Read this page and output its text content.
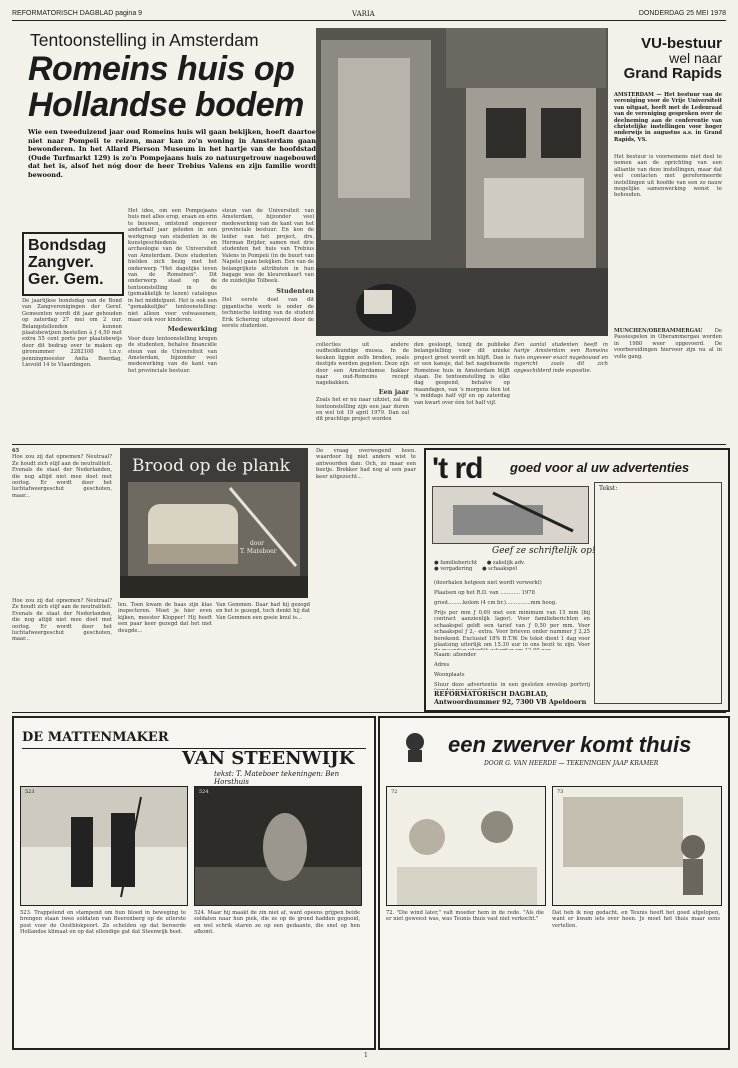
REFORMATORISCH DAGBLAD pagina 9	VARIA	DONDERDAG 25 MEI 1978
Tentoonstelling in Amsterdam
Romeins huis op
Hollandse bodem
Wie een tweeduizend jaar oud Romeins huis wil gaan bekijken, hoeft daartoe niet naar Pompeii te reizen, maar kan zo'n woning in Amsterdam gaan bewonderen. In het Allard Pierson Museum in het hartje van de hoofdstad (Oude Turfmarkt 129) is zo'n Pompejaans huis zo natuurgetrouw nagebouwd dat het is, alsof het nóg door de heer Trebius Valens en zijn familie wordt bewoond.
Het idee, om een Pompejaans huis met alles erop, eraan en erin te bouwen, ontstond ongeveer anderhalf jaar geleden in een werkgroep van studenten in de kunstgeschiedenis en archeologie van de Universiteit van Amsterdam. Deze studenten hielden zich bezig met het onderwerp "Het dagelijks leven van de Romeinen". Dit onderwerp staat op de tentoonstelling in de (gemakkelijk te lezen) catalogus in het middelpunt. Het is ook een "gemakkelijke" tentoonstelling: niet alleen voor volwassenen, maar ook voor kinderen.
Medewerking
Voor deze tentoonstelling kregen de studenten, behalve financiële steun van de Universiteit van Amsterdam, bijzonder veel medewerking van de kant van het provinciale bestuur.
steun van de Universiteit van Amsterdam, bijzonder veel medewerking van de kant van het provinciale bestuur. En kon de leider van het project, drs. Herman Brijder, samen met drie studenten het huis van Trebius Valens in Pompeii (in de buurt van Napels) gaan bekijken. Een van de belangrijkste attributen in hun bagage was de kleurenkaart van de zuidelijke Tolbeek.
Studenten
Het eerste doel van dit gigantische werk is onder de technische leiding van de student Erik Schering uitgevoerd door de eerste studenten.
collecties uit andere oudheidkundige musea. In de keuken liggen zelfs broden, zoals destijds werden gegeten. Deze zijn door een Amsterdamse bakker naar oud-Romeins recept nagebakken.
Een jaar
Zoals het er nu naar uitziet, zal de tentoonstelling zijn een jaar duren en wel tot 19 april 1979. Dan zal dit prachtige project worden
den gesloopt, tenzij de publieke belangstelling voor dit unieke project groot wordt en blijft. Dan is er een kansje, dat het nagebouwde Romeinse huis in Amsterdam blijft staan. De tentoonstelling is elke dag geopend, behalve op maandagen, van 's morgens tien tot 's middags half vijf en op zaterdag van kwart over één tot half vijf.
Een aantal studenten heeft in hartje Amsterdam een Romeins huis ongeveer exact nagebouwd en ingericht zoals dit zich opgeschilderd inde expositie.
Bondsdag
Zangver.
Ger. Gem.
De jaarlijkse bondsdag van de Bond van Zangverenigingen der Geref. Gemeenten wordt dit jaar gehouden op zaterdag 27 mei om 2 uur. Belangstellenden kunnen plaatsbewijzen bestellen à ƒ 4,50 met extra 55 cent porto per plaatsbewijs door dit bedrag over te maken op gironummer 2282100 t.n.v. penningmeester Anita Boerdag, Lievold 14 te Vlaardingen.
VU-bestuur
wel naar
Grand Rapids
AMSTERDAM — Het bestuur van de vereniging voor de Vrije Universiteit van uitgaat, heeft met de Ledenraad van de vereniging gesproken over de deelneming aan de conferentie van christelijke instellingen voor hoger onderwijs in augustus a.s. in Grand Rapids, VS.
Het bestuur is voornemens niet deel te nemen aan de oprichting van een alliantie van deze instellingen, maar dat wel contacten met gereformeerde instellingen uit hoofde van een zo nauw mogelijke samenwerking wenst te behouden.
MUNCHEN/OBERAMMERGAU De Passiespelen in Oberammergau worden in 1980 weer opgevoerd. De voorbereidingen hiervoor zijn nu al in volle gang.
65
Hoe zou zij dat opnemen? Neutraal? Ze houdt zich stijf aan de neutraliteit. Evenals de staat der Nederlanden, die nog altijd niet mee doet met oorlog. Er wordt door het luchtafweergeschut geschoten, maar...
Brood op de plank
door
T. Mateboer
Hoe zou zij dat opnemen? Neutraal? Ze houdt zich stijf aan de neutraliteit. Evenals de staat der Nederlanden, die nog altijd niet mee doet met oorlog. Er wordt door het luchtafweergeschut geschoten, maar...
len. Toen kwam de baas zijn klas inspecteren. Moet je hier even kijken, meester Klopper! Hij heeft een paar keer gezegd dat het niet deugde...
Van Gemmen. Daar had hij gezegd en het is gezegd, toch denkt hij dat Van Gemmen een goeie knul is...
De vraag overwegend heen. waardoor hij niet anders wist te antwoorden dan: Och, zo maar een beetje. Brekker had nog al een paar keer uitgezocht...	't rd goed voor al uw advertenties
Tekst:
Geef ze schriftelijk op!
● familiebericht ● zakelijk adv.
● vergadering ● schaakspel
(doorhalen hetgeen niet wordt verwerkt)
Plaatsen op het R.D. van ............ 1978
groot.........kolom (4 cm br.)...............mm hoog.
Prijs per mm ƒ 0,69 met een minimum van 15 mm (bij contract aanzienlijk lager). Voor familieberichten en schaakspel geldt een tarief van ƒ 0,50 per mm. Voor schaakspel ƒ 2,- extra. Voor brieven onder nummer ƒ 2,25 berekend. Exclusief 18% B.T.W. De tekst dient 1 dag voor plaatsing uiterlijk om 15.30 uur in ons bezit te zijn. Voor
Naam: afzender
Adres
Woonplaats
Stuur deze advertentie in een gesloten envelop portvrij
REFORMATORISCH DAGBLAD,
Antwoordnummer 92, 7300 VB Apeldoorn
DE MATTENMAKER
VAN STEENWIJK
tekst: T. Mateboer tekeningen: Ben Horsthuis
523	524
523. Trappelend en stampend om hun bloed in beweging te brengen staan twee soldaten van Beerenberg op de uiterste post voor de Oostblokpoort. Ze schelden op dat beroerde Hollandse klimaat en op dat ellendige gat dat Steenwijk heet.
524. Maar hij maakt de zin niet af, want opeens grijpen beide soldaten naar hun piek, die ze op de grond hadden gegooid, en wel schrik staren ze op een gedaante, die snel op hen afkomt.
een zwerver komt thuis
DOOR G. VAN HEERDE — TEKENINGEN JAAP KRAMER
72	73
72. "Die wind later," valt moeder hem in de rede. "Als die er niet geweest was, was Teunis thuis vast niet verkocht."
Dat heb ik nog gedacht, en Teunis heeft het goed afgelopen, want er kwam iets over heen. Je moet het thuis maar eens vertellen.
1
